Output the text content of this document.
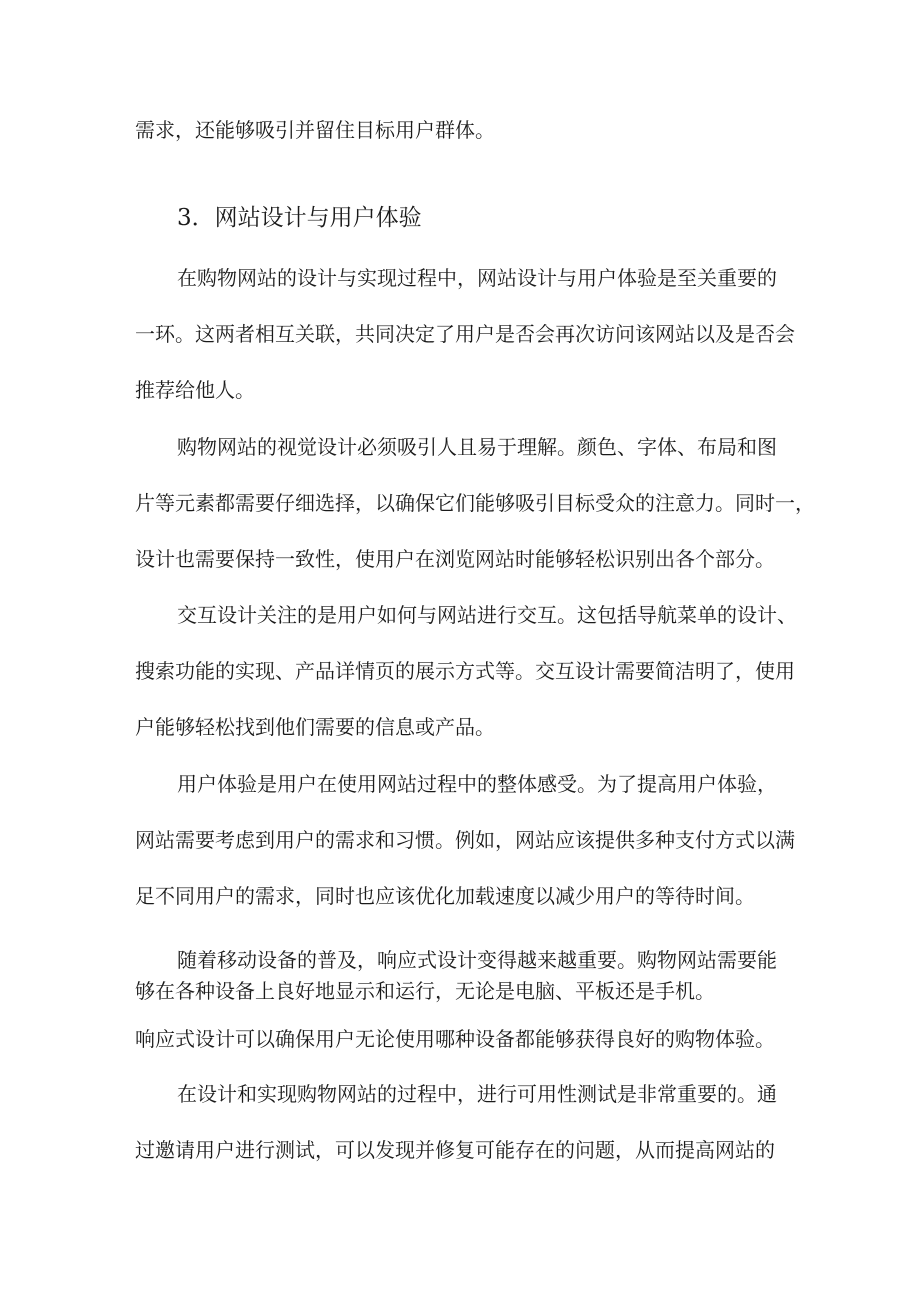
需求，还能够吸引并留住目标用户群体。
3．网站设计与用户体验
在购物网站的设计与实现过程中，网站设计与用户体验是至关重要的
一环。这两者相互关联，共同决定了用户是否会再次访问该网站以及是否会
推荐给他人。
购物网站的视觉设计必须吸引人且易于理解。颜色、字体、布局和图
片等元素都需要仔细选择，以确保它们能够吸引目标受众的注意力。同时一，
设计也需要保持一致性，使用户在浏览网站时能够轻松识别出各个部分。
交互设计关注的是用户如何与网站进行交互。这包括导航菜单的设计、
搜索功能的实现、产品详情页的展示方式等。交互设计需要简洁明了，使用
户能够轻松找到他们需要的信息或产品。
用户体验是用户在使用网站过程中的整体感受。为了提高用户体验，
网站需要考虑到用户的需求和习惯。例如，网站应该提供多种支付方式以满
足不同用户的需求，同时也应该优化加载速度以减少用户的等待时间。
随着移动设备的普及，响应式设计变得越来越重要。购物网站需要能
够在各种设备上良好地显示和运行，无论是电脑、平板还是手机。
响应式设计可以确保用户无论使用哪种设备都能够获得良好的购物体验。
在设计和实现购物网站的过程中，进行可用性测试是非常重要的。通
过邀请用户进行测试，可以发现并修复可能存在的问题，从而提高网站的
